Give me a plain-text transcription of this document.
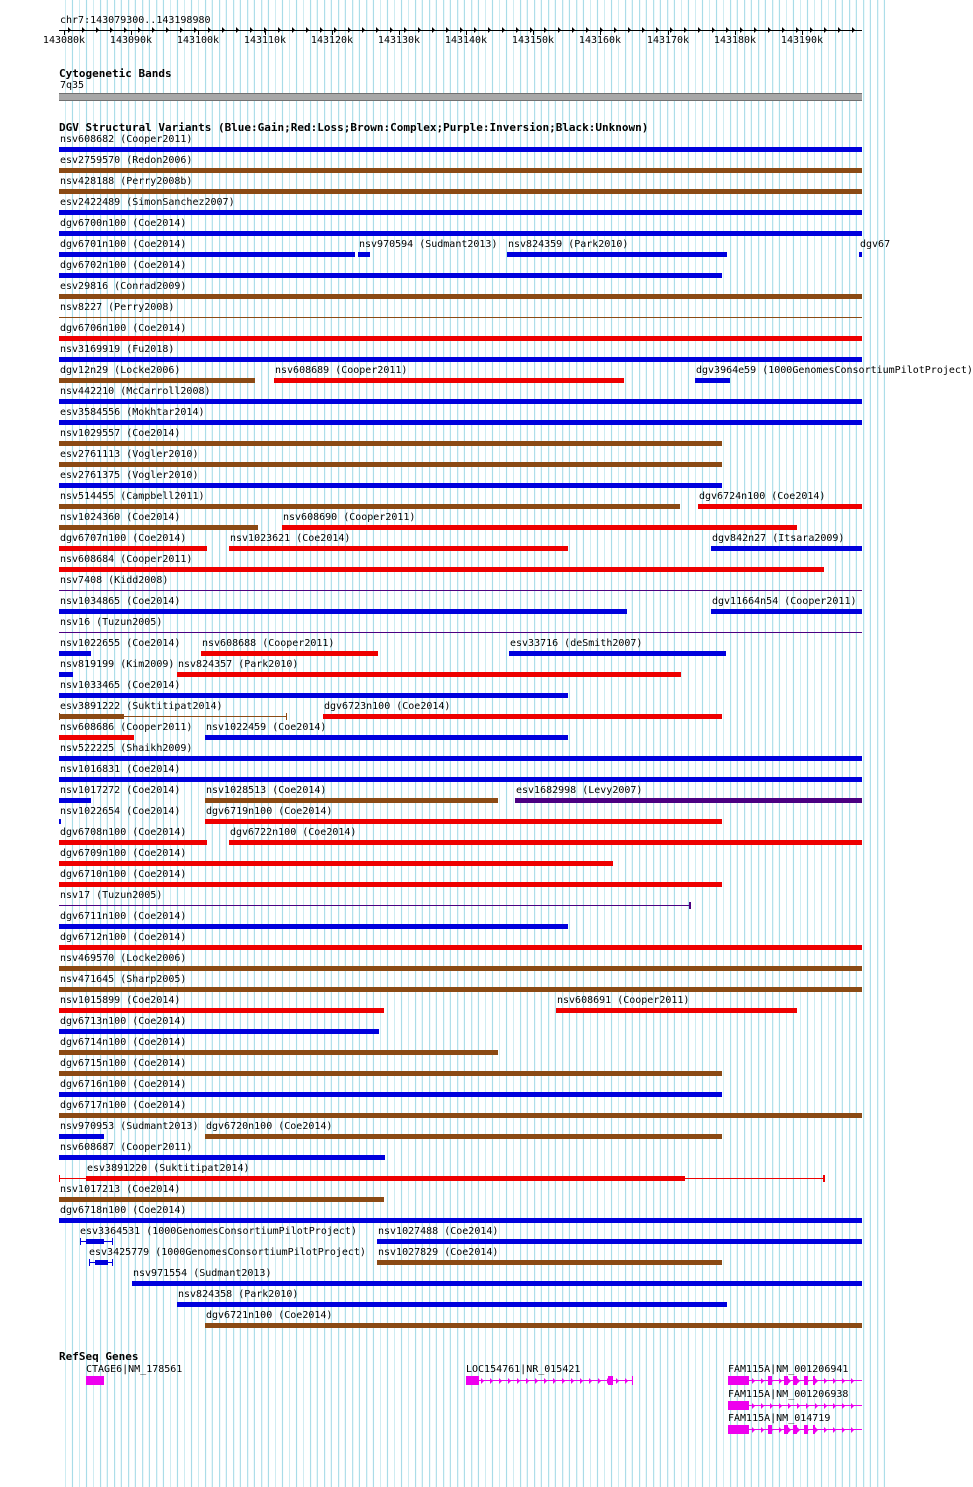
chr7:143079300..143198980
143080k 143090k 143100k 143110k 143120k 143130k 143140k 143150k 143160k	143170k 143180k 143190k
Cytogenetic Bands
7q35
DGV Structural Variants (Blue:Gain;Red:Loss;Brown:Complex;Purple:Inversion;Black:Unknown)
nsv608682 (Cooper2011)
esv2759570 (Redon2006)
nsv428188 (Perry2008b)
esv2422489 (SimonSanchez2007)
dgv6700n100 (Coe2014)
dgv6701n100 (Coe2014)	nsv970594 (Sudmant2013) nsv824359 (Park2010)	dgv67
dgv6702n100 (Coe2014)
esv29816 (Conrad2009)
nsv8227 (Perry2008)
dgv6706n100 (Coe2014)
nsv3169919 (Fu2018)
dgv12n29 (Locke2006)	nsv608689 (Cooper2011)	dgv3964e59 (1000GenomesConsortiumPilotProject)
nsv442210 (McCarroll2008)
esv3584556 (Mokhtar2014)
nsv1029557 (Coe2014)
esv2761113 (Vogler2010)
esv2761375 (Vogler2010)
nsv514455 (Campbell2011)	dgv6724n100 (Coe2014)
nsv1024360 (Coe2014)	nsv608690 (Cooper2011)
dgv6707n100 (Coe2014)	nsv1023621 (Coe2014)	dgv842n27 (Itsara2009)
nsv608684 (Cooper2011)
nsv7408 (Kidd2008)
nsv1034865 (Coe2014)	dgv11664n54 (Cooper2011)
nsv16 (Tuzun2005)
nsv1022655 (Coe2014) nsv608688 (Cooper2011)	esv33716 (deSmith2007)
nsv819199 (Kim2009) nsv824357 (Park2010)
nsv1033465 (Coe2014)
esv3891222 (Suktitipat2014)	dgv6723n100 (Coe2014)
nsv608686 (Cooper2011) nsv1022459 (Coe2014)
nsv522225 (Shaikh2009)
nsv1016831 (Coe2014)
nsv1017272 (Coe2014)	nsv1028513 (Coe2014)	esv1682998 (Levy2007)
nsv1022654 (Coe2014)	dgv6719n100 (Coe2014)
dgv6708n100 (Coe2014)	dgv6722n100 (Coe2014)
dgv6709n100 (Coe2014)
dgv6710n100 (Coe2014)
nsv17 (Tuzun2005)
dgv6711n100 (Coe2014)
dgv6712n100 (Coe2014)
nsv469570 (Locke2006)
nsv471645 (Sharp2005)
nsv1015899 (Coe2014)	nsv608691 (Cooper2011)
dgv6713n100 (Coe2014)
dgv6714n100 (Coe2014)
dgv6715n100 (Coe2014)
dgv6716n100 (Coe2014)
dgv6717n100 (Coe2014)
nsv970953 (Sudmant2013) dgv6720n100 (Coe2014)
nsv608687 (Cooper2011)
esv3891220 (Suktitipat2014)
nsv1017213 (Coe2014)
dgv6718n100 (Coe2014)
esv3364531 (1000GenomesConsortiumPilotProject) nsv1027488 (Coe2014)
esv3425779 (1000GenomesConsortiumPilotProject) nsv1027829 (Coe2014)
nsv971554 (Sudmant2013)
nsv824358 (Park2010)
dgv6721n100 (Coe2014)
RefSeq Genes
CTAGE6|NM_178561	LOC154761|NR_015421	FAM115A|NM_001206941
FAM115A|NM_001206938
FAM115A|NM_014719
